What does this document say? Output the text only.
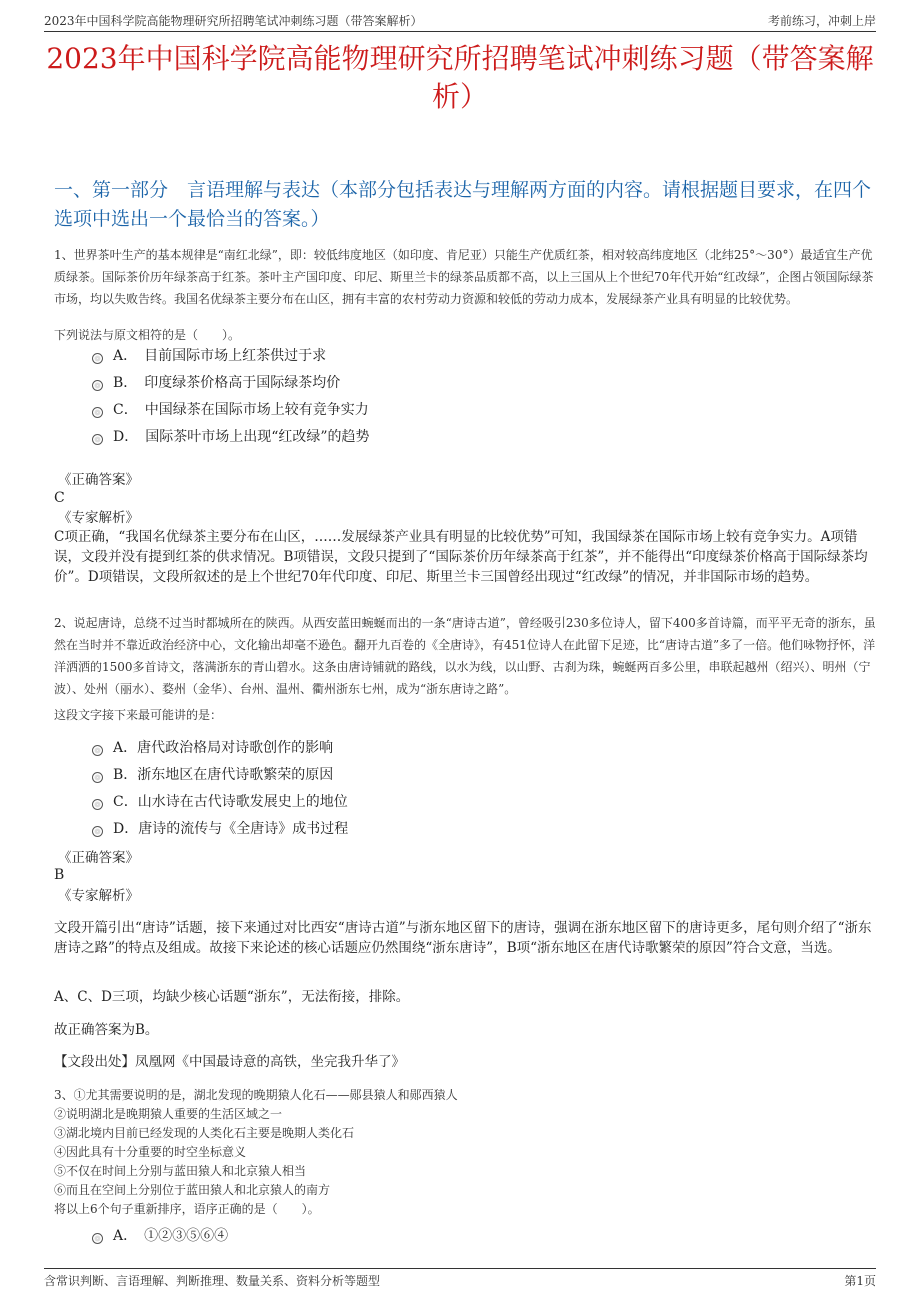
2023年中国科学院高能物理研究所招聘笔试冲刺练习题（带答案解析）	考前练习，冲刺上岸
2023年中国科学院高能物理研究所招聘笔试冲刺练习题（带答案解析）
一、第一部分　言语理解与表达（本部分包括表达与理解两方面的内容。请根据题目要求，在四个选项中选出一个最恰当的答案。）
1、世界茶叶生产的基本规律是“南红北绿”，即：较低纬度地区（如印度、肯尼亚）只能生产优质红茶，相对较高纬度地区（北纬25°～30°）最适宜生产优质绿茶。国际茶价历年绿茶高于红茶。茶叶主产国印度、印尼、斯里兰卡的绿茶品质都不高，以上三国从上个世纪70年代开始“红改绿”，企图占领国际绿茶市场，均以失败告终。我国名优绿茶主要分布在山区，拥有丰富的农村劳动力资源和较低的劳动力成本，发展绿茶产业具有明显的比较优势。
下列说法与原文相符的是（　　）。
A．　目前国际市场上红茶供过于求
B．　印度绿茶价格高于国际绿茶均价
C．　中国绿茶在国际市场上较有竞争实力
D．　国际茶叶市场上出现“红改绿”的趋势
《正确答案》
C
《专家解析》
C项正确，“我国名优绿茶主要分布在山区，……发展绿茶产业具有明显的比较优势”可知，我国绿茶在国际市场上较有竞争实力。A项错误，文段并没有提到红茶的供求情况。B项错误，文段只提到了“国际茶价历年绿茶高于红茶”，并不能得出“印度绿茶价格高于国际绿茶均价”。D项错误，文段所叙述的是上个世纪70年代印度、印尼、斯里兰卡三国曾经出现过“红改绿”的情况，并非国际市场的趋势。
2、说起唐诗，总绕不过当时都城所在的陕西。从西安蓝田蜿蜒而出的一条“唐诗古道”，曾经吸引230多位诗人，留下400多首诗篇，而平平无奇的浙东，虽然在当时并不靠近政治经济中心，文化输出却毫不逊色。翻开九百卷的《全唐诗》，有451位诗人在此留下足迹，比“唐诗古道”多了一倍。他们咏物抒怀，洋洋洒洒的1500多首诗文，落满浙东的青山碧水。这条由唐诗铺就的路线，以水为线，以山野、古刹为珠，蜿蜒两百多公里，串联起越州（绍兴）、明州（宁波）、处州（丽水）、婺州（金华）、台州、温州、衢州浙东七州，成为“浙东唐诗之路”。
这段文字接下来最可能讲的是：
A．唐代政治格局对诗歌创作的影响
B．浙东地区在唐代诗歌繁荣的原因
C．山水诗在古代诗歌发展史上的地位
D．唐诗的流传与《全唐诗》成书过程
《正确答案》
B
《专家解析》
文段开篇引出“唐诗”话题，接下来通过对比西安“唐诗古道”与浙东地区留下的唐诗，强调在浙东地区留下的唐诗更多，尾句则介绍了“浙东唐诗之路”的特点及组成。故接下来论述的核心话题应仍然围绕“浙东唐诗”，B项“浙东地区在唐代诗歌繁荣的原因”符合文意，当选。
A、C、D三项，均缺少核心话题“浙东”，无法衔接，排除。
故正确答案为B。
【文段出处】凤凰网《中国最诗意的高铁，坐完我升华了》
3、①尤其需要说明的是，湖北发现的晚期猿人化石——郧县猿人和郧西猿人
②说明湖北是晚期猿人重要的生活区域之一
③湖北境内目前已经发现的人类化石主要是晚期人类化石
④因此具有十分重要的时空坐标意义
⑤不仅在时间上分别与蓝田猿人和北京猿人相当
⑥而且在空间上分别位于蓝田猿人和北京猿人的南方
将以上6个句子重新排序，语序正确的是（　　）。
A．　①②③⑤⑥④
含常识判断、言语理解、判断推理、数量关系、资料分析等题型	第1页
